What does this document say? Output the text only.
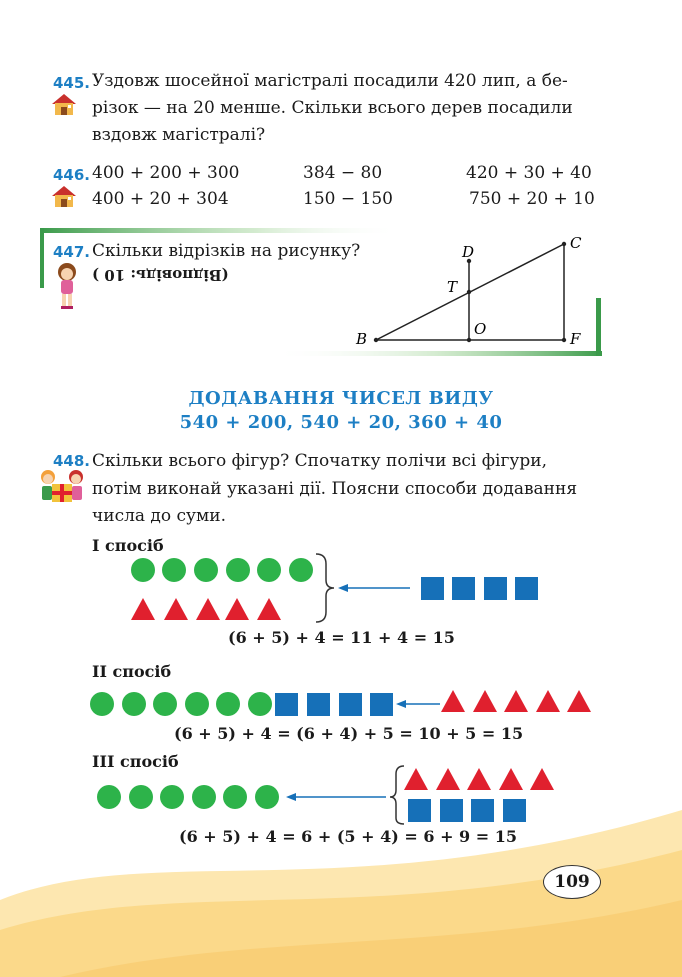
445. Уздовж шосейної магістралі посадили 420 лип, а бе-
різок — на 20 менше. Скільки всього дерев посадили
вздовж магістралі?
446. 400 + 200 + 300	384 − 80	420 + 30 + 40
400 + 20 + 304	150 − 150	750 + 20 + 10
447. Скільки відрізків на рисунку?
(Відповідь: 10 )
B
C
D
T
O
F
ДОДАВАННЯ ЧИСЕЛ ВИДУ
540 + 200, 540 + 20, 360 + 40
448. Скільки всього фігур? Спочатку полічи всі фігури,
потім виконай указані дії. Поясни способи додавання
числа до суми.
I спосіб
(6 + 5) + 4 = 11 + 4 = 15
II спосіб
(6 + 5) + 4 = (6 + 4) + 5 = 10 + 5 = 15
III спосіб
(6 + 5) + 4 = 6 + (5 + 4) = 6 + 9 = 15
109
